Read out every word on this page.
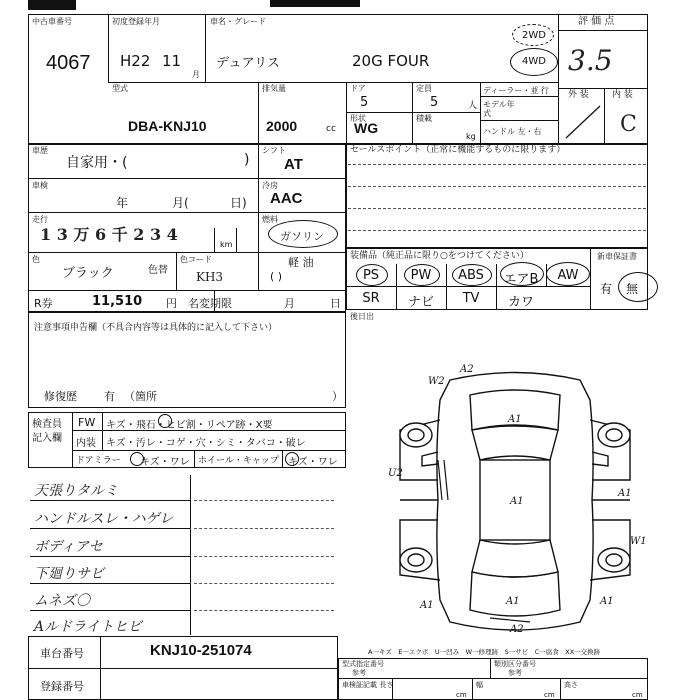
中古車番号
4067
初度登録年月
H22 11
月
車名・グレード
デュアリス	20G FOUR
2WD
4WD
評 価 点
3.5
外 装	内 装
C
型式
DBA-KNJ10
排気量
2000	cc
ドア
5
形状
WG
定員
5	人
積載
kg
ディーラー・並 行
モデル年式
ハンドル 左・右
車歴
自家用・(	)
シフト
AT
車検
年	月(	日)
冷房
AAC
走行
1 3 万 6 千 2 3 4
km
燃料
ガソリン
色
ブラック	色替
色コード
KH3
軽 油
( )
R券	11,510 円 名変期限	月	日
セールスポイント（正常に機能するものに限ります）
装備品（純正品に限り○をつけてください）	新車保証書
PS	PW	ABS	エアB	AW
SR	ナビ	TV	カワ
有 無
後日出
注意事項申告欄（不具合内容等は具体的に記入して下さい）
修復歴 有 （箇所	）
検査員
記入欄
FW キズ・飛石・ヒビ割・リペア跡・X要
内装 キズ・汚レ・コゲ・穴・シミ・タバコ・破レ
ドアミラー キズ・ワレ ホイール・キャップ キズ・ワレ
天張りタルミ
ハンドルスレ・ハゲレ
ボディアセ
下廻りサビ
ムネズ〇
Aルドライトヒビ
A2
W2
A1
U2
A1
W1
A1
A1
A1	A1
A2
A一キズ　E一エクボ　U一凹み　W一修理跡　S一サビ　C一腐食　XX一交換跡
車台番号	KNJ10-251074
登録番号
型式指定番号
参考
類別区分番号
参考
車検証記載 長さ
cm
幅
cm
高さ
cm
